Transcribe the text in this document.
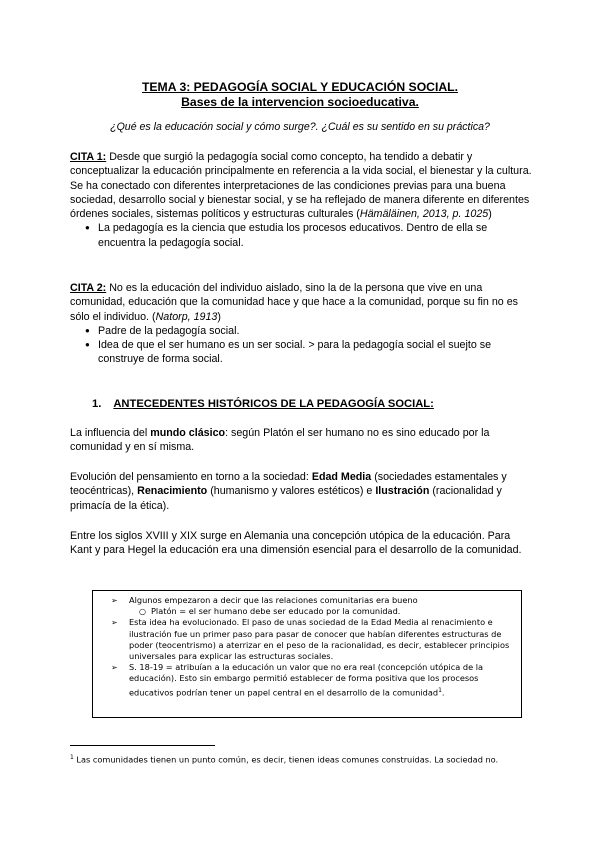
TEMA 3: PEDAGOGÍA SOCIAL Y EDUCACIÓN SOCIAL.
Bases de la intervencion socioeducativa.
¿Qué es la educación social y cómo surge?. ¿Cuál es su sentido en su práctica?

CITA 1: Desde que surgió la pedagogía social como concepto, ha tendido a debatir y conceptualizar la educación principalmente en referencia a la vida social, el bienestar y la cultura. Se ha conectado con diferentes interpretaciones de las condiciones previas para una buena sociedad, desarrollo social y bienestar social, y se ha reflejado de manera diferente en diferentes órdenes sociales, sistemas políticos y estructuras culturales (Hämäläinen, 2013, p. 1025)

● La pedagogía es la ciencia que estudia los procesos educativos. Dentro de ella se encuentra la pedagogía social.

CITA 2: No es la educación del individuo aislado, sino la de la persona que vive en una comunidad, educación que la comunidad hace y que hace a la comunidad, porque su fin no es sólo el individuo. (Natorp, 1913)

● Padre de la pedagogía social.
● Idea de que el ser humano es un ser social. > para la pedagogía social el suejto se construye de forma social.
1. ANTECEDENTES HISTÓRICOS DE LA PEDAGOGÍA SOCIAL:

La influencia del mundo clásico: según Platón el ser humano no es sino educado por la comunidad y en sí misma.

Evolución del pensamiento en torno a la sociedad: Edad Media (sociedades estamentales y teocéntricas), Renacimiento (humanismo y valores estéticos) e Ilustración (racionalidad y primacía de la ética).

Entre los siglos XVIII y XIX surge en Alemania una concepción utópica de la educación. Para Kant y para Hegel la educación era una dimensión esencial para el desarrollo de la comunidad.

➢ Algunos empezaron a decir que las relaciones comunitarias era bueno
○ Platón = el ser humano debe ser educado por la comunidad.
➢ Esta idea ha evolucionado. El paso de unas sociedad de la Edad Media al renacimiento e ilustración fue un primer paso para pasar de conocer que habían diferentes estructuras de poder (teocentrismo) a aterrizar en el peso de la racionalidad, es decir, establecer principios universales para explicar las estructuras sociales.
➢ S. 18-19 = atribuían a la educación un valor que no era real (concepción utópica de la educación). Esto sin embargo permitió establecer de forma positiva que los procesos educativos podrían tener un papel central en el desarrollo de la comunidad$^1$.
$^1$ Las comunidades tienen un punto común, es decir, tienen ideas comunes construidas. La sociedad no.
